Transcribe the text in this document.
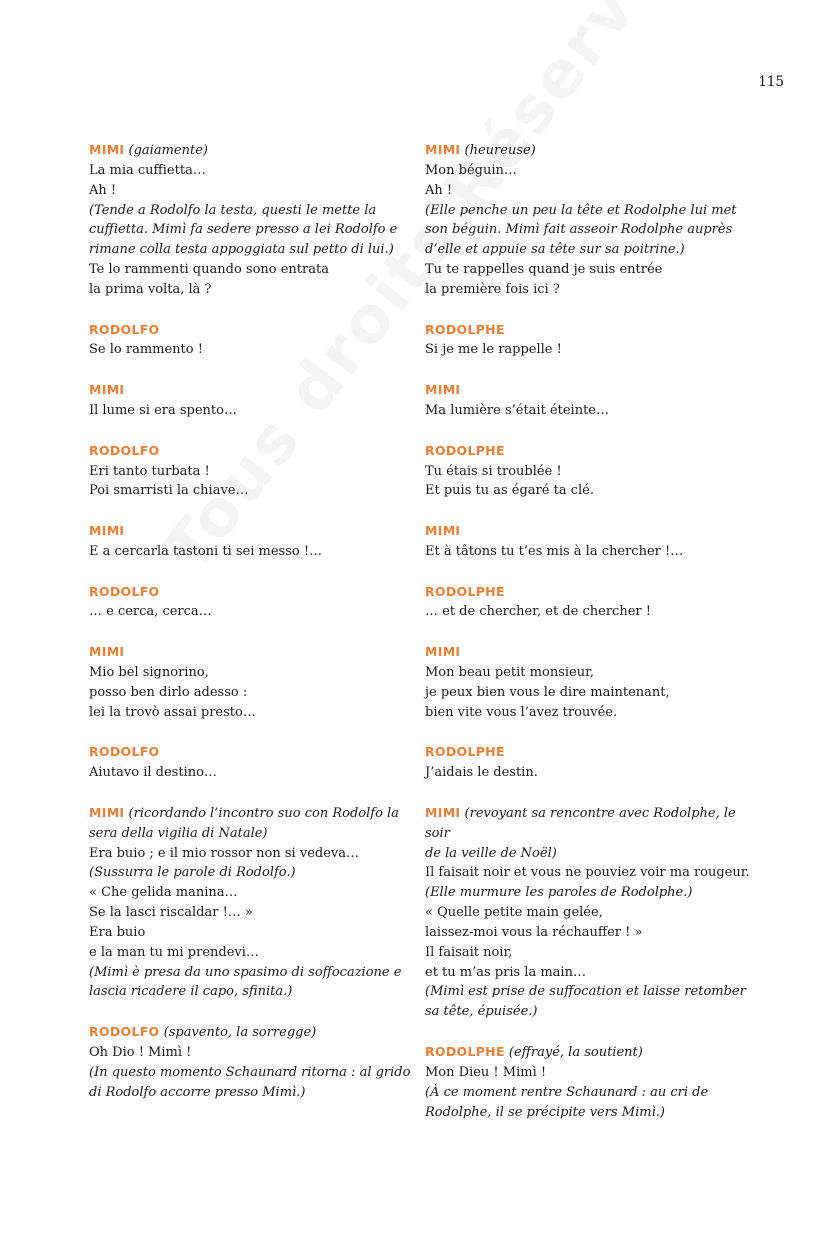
115
MIMI (gaiamente)
La mia cuffietta…
Ah !
(Tende a Rodolfo la testa, questi le mette la
cuffietta. Mimì fa sedere presso a lei Rodolfo e
rimane colla testa appoggiata sul petto di lui.)
Te lo rammenti quando sono entrata
la prima volta, là ?
RODOLFO
Se lo rammento !
MIMI
Il lume si era spento…
RODOLFO
Eri tanto turbata !
Poi smarristi la chiave…
MIMI
E a cercarla tastoni ti sei messo !…
RODOLFO
… e cerca, cerca…
MIMI
Mio bel signorino,
posso ben dirlo adesso :
lei la trovò assai presto…
RODOLFO
Aiutavo il destino…
MIMI (ricordando l’incontro suo con Rodolfo la
sera della vigilia di Natale)
Era buio ; e il mio rossor non si vedeva…
(Sussurra le parole di Rodolfo.)
« Che gelida manina…
Se la lasci riscaldar !… »
Era buio
e la man tu mi prendevi…
(Mimì è presa da uno spasimo di soffocazione e
lascia ricadere il capo, sfinita.)
RODOLFO (spavento, la sorregge)
Oh Dio ! Mimì !
(In questo momento Schaunard ritorna : al grido
di Rodolfo accorre presso Mimì.)
MIMI (heureuse)
Mon béguin…
Ah !
(Elle penche un peu la tête et Rodolphe lui met
son béguin. Mimì fait asseoir Rodolphe auprès
d’elle et appuie sa tête sur sa poitrine.)
Tu te rappelles quand je suis entrée
la première fois ici ?
RODOLPHE
Si je me le rappelle !
MIMI
Ma lumière s’était éteinte…
RODOLPHE
Tu étais si troublée !
Et puis tu as égaré ta clé.
MIMI
Et à tâtons tu t’es mis à la chercher !…
RODOLPHE
… et de chercher, et de chercher !
MIMI
Mon beau petit monsieur,
je peux bien vous le dire maintenant,
bien vite vous l’avez trouvée.
RODOLPHE
J’aidais le destin.
MIMI (revoyant sa rencontre avec Rodolphe, le soir
de la veille de Noël)
Il faisait noir et vous ne pouviez voir ma rougeur.
(Elle murmure les paroles de Rodolphe.)
« Quelle petite main gelée,
laissez-moi vous la réchauffer ! »
Il faisait noir,
et tu m’as pris la main…
(Mimì est prise de suffocation et laisse retomber
sa tête, épuisée.)
RODOLPHE (effrayé, la soutient)
Mon Dieu ! Mimì !
(À ce moment rentre Schaunard : au cri de
Rodolphe, il se précipite vers Mimì.)
